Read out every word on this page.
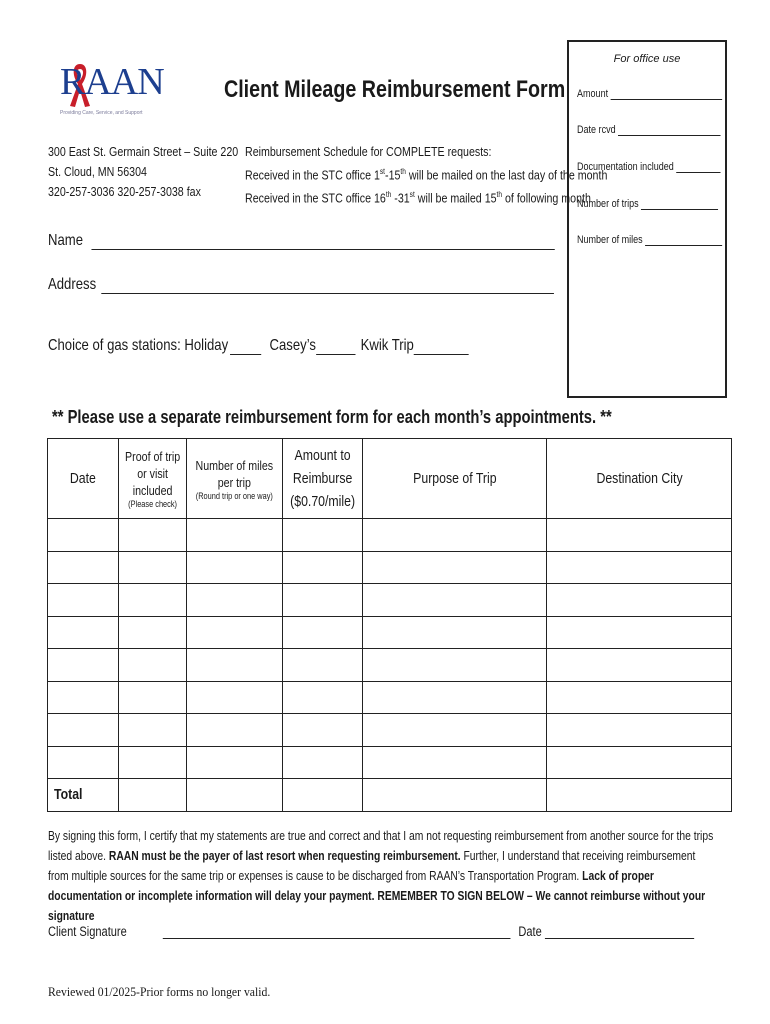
RAAN
Providing Care, Service, and Support
Client Mileage Reimbursement Form
For office use
Amount
Date rcvd
Documentation included
Number of trips
Number of miles
300 East St. Germain Street – Suite 220
St. Cloud, MN 56304
320-257-3036 320-257-3038 fax
Reimbursement Schedule for COMPLETE requests:
Received in the STC office 1st-15th will be mailed on the last day of the month
Received in the STC office 16th -31st will be mailed 15th of following month
Name
Address
Choice of gas stations: Holiday	Casey’s	Kwik Trip
** Please use a separate reimbursement form for each month’s appointments. **
Date	Proof of trip
or visit
included
(Please check)	Number of miles
per trip
(Round trip or one way)	Amount to
Reimburse
($0.70/mile)	Purpose of Trip	Destination City

Total					
By signing this form, I certify that my statements are true and correct and that I am not requesting reimbursement from another source for the trips listed above. RAAN must be the payer of last resort when requesting reimbursement. Further, I understand that receiving reimbursement from multiple sources for the same trip or expenses is cause to be discharged from RAAN’s Transportation Program. Lack of proper documentation or incomplete information will delay your payment. REMEMBER TO SIGN BELOW – We cannot reimburse without your signature
Client Signature	Date
Reviewed 01/2025-Prior forms no longer valid.
